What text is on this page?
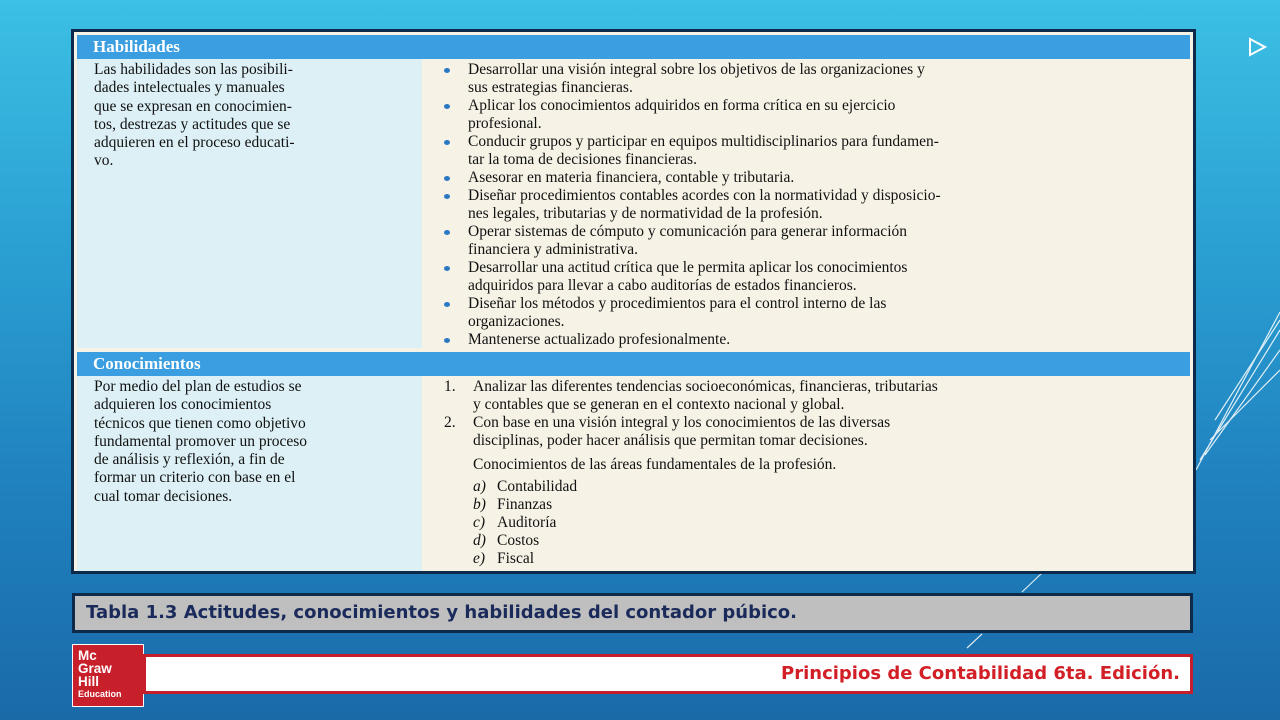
Habilidades
Las habilidades son las posibili-
dades intelectuales y manuales
que se expresan en conocimien-
tos, destrezas y actitudes que se
adquieren en el proceso educati-
vo.
Desarrollar una visión integral sobre los objetivos de las organizaciones y
sus estrategias financieras.
Aplicar los conocimientos adquiridos en forma crítica en su ejercicio
profesional.
Conducir grupos y participar en equipos multidisciplinarios para fundamen-
tar la toma de decisiones financieras.
Asesorar en materia financiera, contable y tributaria.
Diseñar procedimientos contables acordes con la normatividad y disposicio-
nes legales, tributarias y de normatividad de la profesión.
Operar sistemas de cómputo y comunicación para generar información
financiera y administrativa.
Desarrollar una actitud crítica que le permita aplicar los conocimientos
adquiridos para llevar a cabo auditorías de estados financieros.
Diseñar los métodos y procedimientos para el control interno de las
organizaciones.
Mantenerse actualizado profesionalmente.
Conocimientos
Por medio del plan de estudios se
adquieren los conocimientos
técnicos que tienen como objetivo
fundamental promover un proceso
de análisis y reflexión, a fin de
formar un criterio con base en el
cual tomar decisiones.
1. Analizar las diferentes tendencias socioeconómicas, financieras, tributarias
y contables que se generan en el contexto nacional y global.
2. Con base en una visión integral y los conocimientos de las diversas
disciplinas, poder hacer análisis que permitan tomar decisiones.
Conocimientos de las áreas fundamentales de la profesión.
a) Contabilidad
b) Finanzas
c) Auditoría
d) Costos
e) Fiscal
Tabla 1.3 Actitudes, conocimientos y habilidades del contador púbico.
Mc
Graw
Hill
Education
Principios de Contabilidad 6ta. Edición.
